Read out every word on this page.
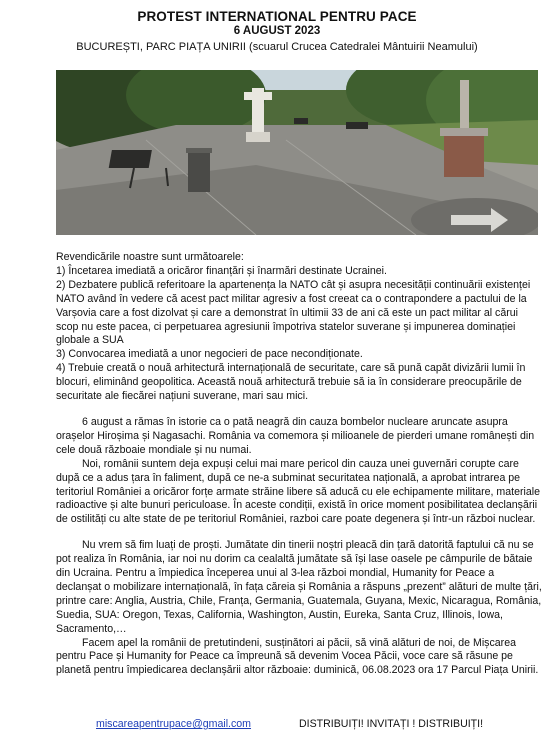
PROTEST INTERNATIONAL PENTRU PACE
6 AUGUST 2023
BUCUREȘTI, PARC PIAȚA UNIRII (scuarul Crucea Catedralei Mântuirii Neamului)

Revendicările noastre sunt următoarele:

1) Încetarea imediată a oricăror finanțări și înarmări destinate Ucrainei.

2) Dezbatere publică referitoare la apartenența la NATO cât și asupra necesității continuării existenței NATO având în vedere că acest pact militar agresiv a fost creeat ca o contrapondere a pactului de la Varșovia care a fost dizolvat și care a demonstrat în ultimii 33 de ani că este un pact militar al cărui scop nu este pacea, ci perpetuarea agresiunii împotriva statelor suverane și impunerea dominației globale a SUA

3) Convocarea imediată a unor negocieri de pace necondiționate.

4) Trebuie creată o nouă arhitectură internațională de securitate, care să pună capăt divizării lumii în blocuri, eliminând geopolitica. Această nouă arhitectură trebuie să ia în considerare preocupările de securitate ale fiecărei națiuni suverane, mari sau mici.

6 august a rămas în istorie ca o pată neagră din cauza bombelor nucleare aruncate asupra orașelor Hiroșima și Nagasachi. România va comemora și milioanele de pierderi umane românești din cele două războaie mondiale și nu numai.

Noi, românii suntem deja expuși celui mai mare pericol din cauza unei guvernări corupte care după ce a adus țara în faliment, după ce ne-a subminat securitatea națională, a aprobat intrarea pe teritoriul României a oricăror forțe armate străine libere să aducă cu ele echipamente militare, materiale radioactive și alte bunuri periculoase. În aceste condiții, există în orice moment posibilitatea declanșării de ostilități cu alte state de pe teritoriul României, razboi care poate degenera și într-un război nuclear.

Nu vrem să fim luați de proști. Jumătate din tinerii noștri pleacă din țară datorită faptului că nu se pot realiza în România, iar noi nu dorim ca cealaltă jumătate să își lase oasele pe câmpurile de bătaie din Ucraina. Pentru a împiedica începerea unui al 3-lea război mondial, Humanity for Peace a declanșat o mobilizare internațională, în fața căreia și România a răspuns „prezent” alături de multe țări, printre care: Anglia, Austria, Chile, Franța, Germania, Guatemala, Guyana, Mexic, Nicaragua, România, Suedia, SUA: Oregon, Texas, California, Washington, Austin, Eureka, Santa Cruz, Illinois, Iowa, Sacramento,…

Facem apel la românii de pretutindeni, susținători ai păcii, să vină alături de noi, de Mișcarea pentru Pace și Humanity for Peace ca împreună să devenim Vocea Păcii, voce care să răsune pe planetă pentru împiedicarea declanșării altor războaie: duminică, 06.08.2023 ora 17 Parcul Piața Unirii.

miscareapentrupace@gmail.com	DISTRIBUIȚI! INVITAȚI ! DISTRIBUIȚI!
